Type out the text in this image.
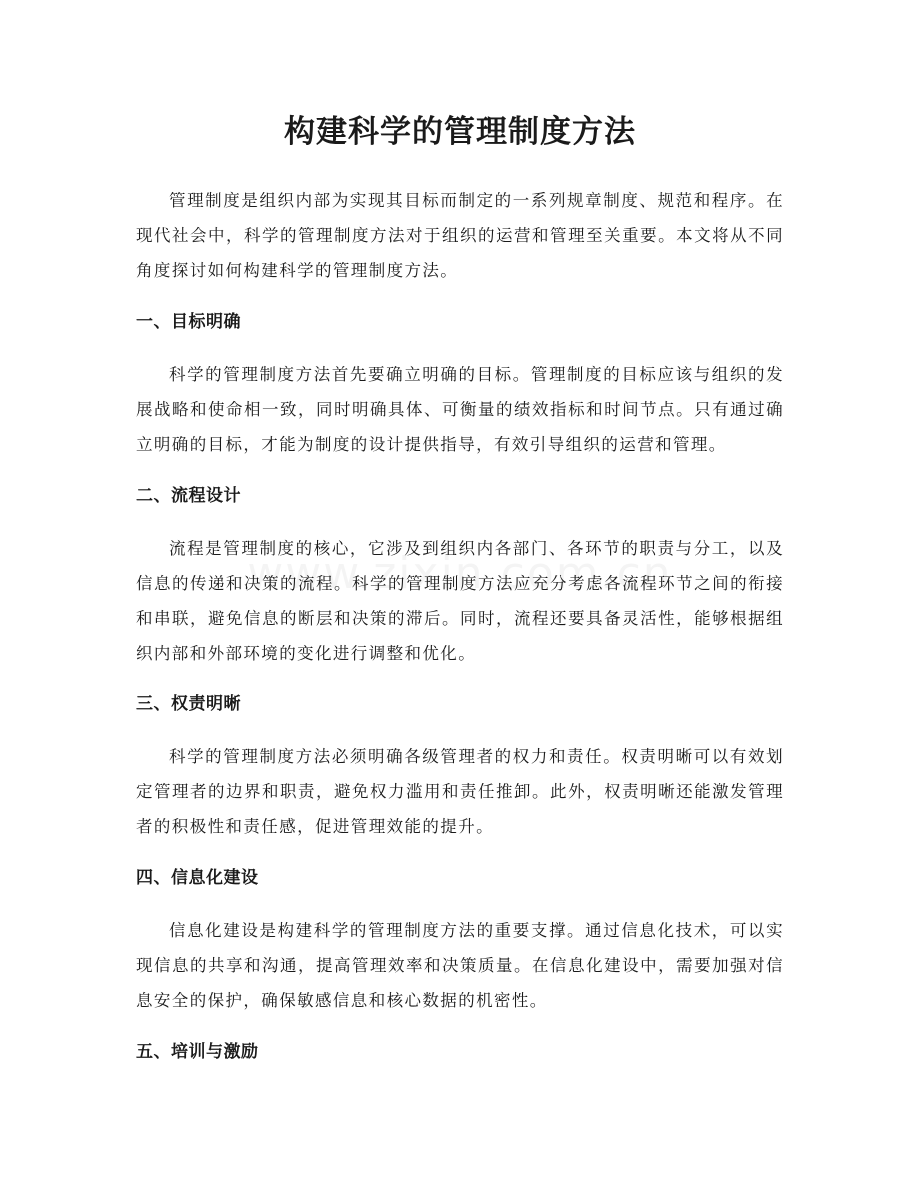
构建科学的管理制度方法

管理制度是组织内部为实现其目标而制定的一系列规章制度、规范和程序。在现代社会中，科学的管理制度方法对于组织的运营和管理至关重要。本文将从不同角度探讨如何构建科学的管理制度方法。

一、目标明确

科学的管理制度方法首先要确立明确的目标。管理制度的目标应该与组织的发展战略和使命相一致，同时明确具体、可衡量的绩效指标和时间节点。只有通过确立明确的目标，才能为制度的设计提供指导，有效引导组织的运营和管理。

二、流程设计

流程是管理制度的核心，它涉及到组织内各部门、各环节的职责与分工，以及信息的传递和决策的流程。科学的管理制度方法应充分考虑各流程环节之间的衔接和串联，避免信息的断层和决策的滞后。同时，流程还要具备灵活性，能够根据组织内部和外部环境的变化进行调整和优化。

三、权责明晰

科学的管理制度方法必须明确各级管理者的权力和责任。权责明晰可以有效划定管理者的边界和职责，避免权力滥用和责任推卸。此外，权责明晰还能激发管理者的积极性和责任感，促进管理效能的提升。

四、信息化建设

信息化建设是构建科学的管理制度方法的重要支撑。通过信息化技术，可以实现信息的共享和沟通，提高管理效率和决策质量。在信息化建设中，需要加强对信息安全的保护，确保敏感信息和核心数据的机密性。

五、培训与激励
